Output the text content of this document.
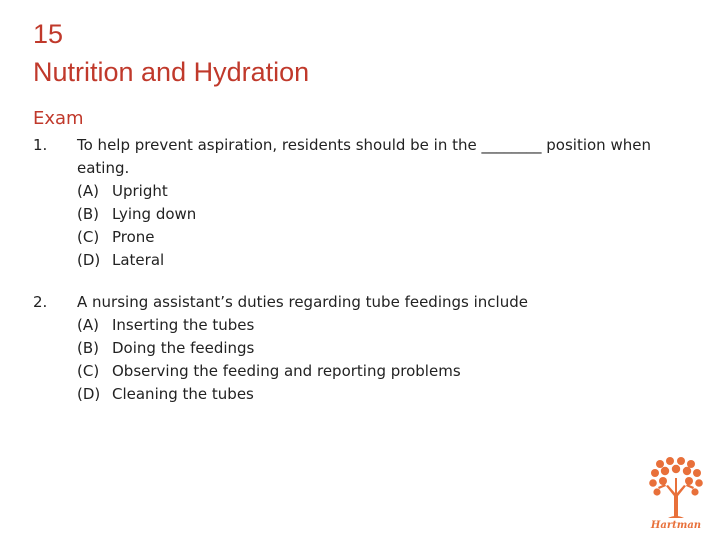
15
Nutrition and Hydration
Exam
1. To help prevent aspiration, residents should be in the ________ position when eating.
(A) Upright
(B) Lying down
(C) Prone
(D) Lateral
2. A nursing assistant’s duties regarding tube feedings include
(A) Inserting the tubes
(B) Doing the feedings
(C) Observing the feeding and reporting problems
(D) Cleaning the tubes
Hartman
